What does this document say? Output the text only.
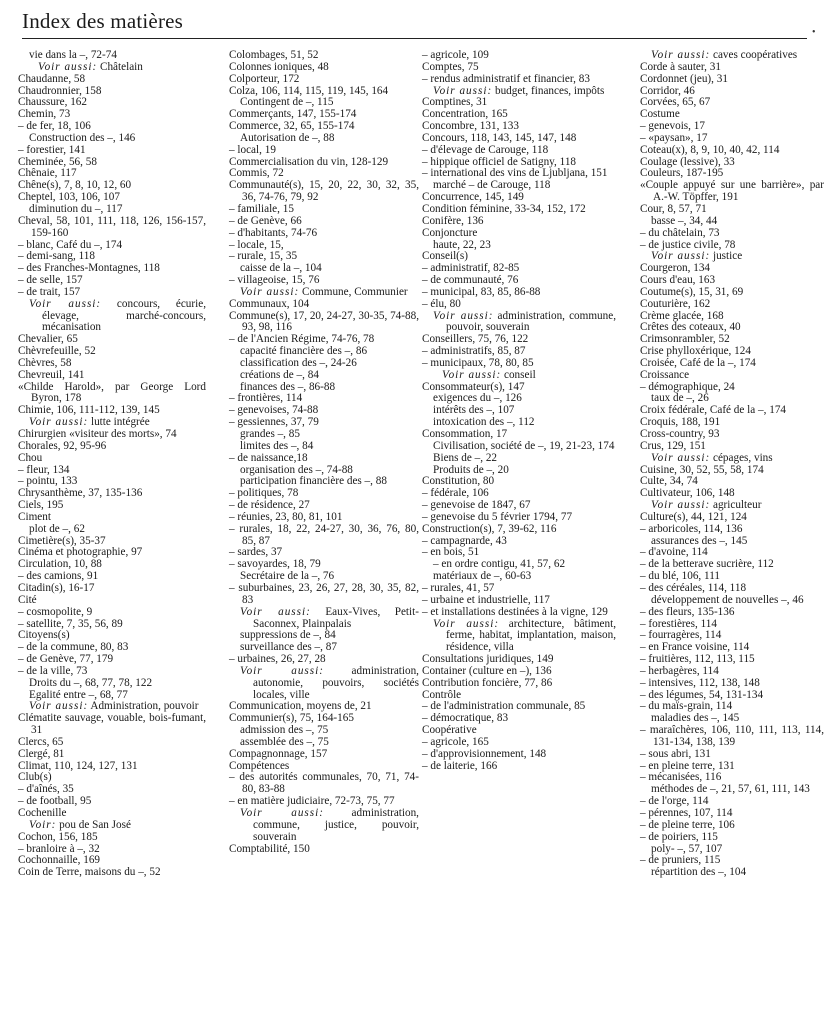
Index des matières	•
vie dans la –, 72-74
Voir aussi: Châtelain
Chaudanne, 58
Chaudronnier, 158
Chaussure, 162
Chemin, 73
– de fer, 18, 106
Construction des –, 146
– forestier, 141
Cheminée, 56, 58
Chênaie, 117
Chêne(s), 7, 8, 10, 12, 60
Cheptel, 103, 106, 107
diminution du –, 117
Cheval, 58, 101, 111, 118, 126, 156-157, 159-160
– blanc, Café du –, 174
– demi-sang, 118
– des Franches-Montagnes, 118
– de selle, 157
– de trait, 157
Voir aussi: concours, écurie, élevage, marché-concours, mécanisation
Chevalier, 65
Chèvrefeuille, 52
Chèvres, 58
Chevreuil, 141
«Childe Harold», par George Lord Byron, 178
Chimie, 106, 111-112, 139, 145
Voir aussi: lutte intégrée
Chirurgien «visiteur des morts», 74
Chorales, 92, 95-96
Chou
– fleur, 134
– pointu, 133
Chrysanthème, 37, 135-136
Ciels, 195
Ciment
plot de –, 62
Cimetière(s), 35-37
Cinéma et photographie, 97
Circulation, 10, 88
– des camions, 91
Citadin(s), 16-17
Cité
– cosmopolite, 9
– satellite, 7, 35, 56, 89
Citoyens(s)
– de la commune, 80, 83
– de Genève, 77, 179
– de la ville, 73
Droits du –, 68, 77, 78, 122
Egalité entre –, 68, 77
Voir aussi: Administration, pouvoir
Clématite sauvage, vouable, bois-fumant, 31
Clercs, 65
Clergé, 81
Climat, 110, 124, 127, 131
Club(s)
– d'aînés, 35
– de football, 95
Cochenille
Voir: pou de San José
Cochon, 156, 185
– branloire à –, 32
Cochonnaille, 169
Coin de Terre, maisons du –, 52
Colombages, 51, 52
Colonnes ioniques, 48
Colporteur, 172
Colza, 106, 114, 115, 119, 145, 164
Contingent de –, 115
Commerçants, 147, 155-174
Commerce, 32, 65, 155-174
Autorisation de –, 88
– local, 19
Commercialisation du vin, 128-129
Commis, 72
Communauté(s), 15, 20, 22, 30, 32, 35, 36, 74-76, 79, 92
– familiale, 15
– de Genève, 66
– d'habitants, 74-76
– locale, 15,
– rurale, 15, 35
caisse de la –, 104
– villageoise, 15, 76
Voir aussi: Commune, Communier
Communaux, 104
Commune(s), 17, 20, 24-27, 30-35, 74-88, 93, 98, 116
– de l'Ancien Régime, 74-76, 78
capacité financière des –, 86
classification des –, 24-26
créations de –, 84
finances des –, 86-88
– frontières, 114
– genevoises, 74-88
– gessiennes, 37, 79
grandes –, 85
limites des –, 84
– de naissance,18
organisation des –, 74-88
participation financière des –, 88
– politiques, 78
– de résidence, 27
– réunies, 23, 80, 81, 101
– rurales, 18, 22, 24-27, 30, 36, 76, 80, 85, 87
– sardes, 37
– savoyardes, 18, 79
Secrétaire de la –, 76
– suburbaines, 23, 26, 27, 28, 30, 35, 82, 83
Voir aussi: Eaux-Vives, Petit-Saconnex, Plainpalais
suppressions de –, 84
surveillance des –, 87
– urbaines, 26, 27, 28
Voir aussi: administration, autonomie, pouvoirs, sociétés locales, ville
Communication, moyens de, 21
Communier(s), 75, 164-165
admission des –, 75
assemblée des –, 75
Compagnonnage, 157
Compétences
– des autorités communales, 70, 71, 74-80, 83-88
– en matière judiciaire, 72-73, 75, 77
Voir aussi: administration, commune, justice, pouvoir, souverain
Comptabilité, 150
– agricole, 109
Comptes, 75
– rendus administratif et financier, 83
Voir aussi: budget, finances, impôts
Comptines, 31
Concentration, 165
Concombre, 131, 133
Concours, 118, 143, 145, 147, 148
– d'élevage de Carouge, 118
– hippique officiel de Satigny, 118
– international des vins de Ljubljana, 151
marché – de Carouge, 118
Concurrence, 145, 149
Condition féminine, 33-34, 152, 172
Conifère, 136
Conjoncture
haute, 22, 23
Conseil(s)
– administratif, 82-85
– de communauté, 76
– municipal, 83, 85, 86-88
– élu, 80
Voir aussi: administration, commune, pouvoir, souverain
Conseillers, 75, 76, 122
– administratifs, 85, 87
– municipaux, 78, 80, 85
Voir aussi: conseil
Consommateur(s), 147
exigences du –, 126
intérêts des –, 107
intoxication des –, 112
Consommation, 17
Civilisation, société de –, 19, 21-23, 174
Biens de –, 22
Produits de –, 20
Constitution, 80
– fédérale, 106
– genevoise de 1847, 67
– genevoise du 5 février 1794, 77
Construction(s), 7, 39-62, 116
– campagnarde, 43
– en bois, 51
– en ordre contigu, 41, 57, 62
matériaux de –, 60-63
– rurales, 41, 57
– urbaine et industrielle, 117
– et installations destinées à la vigne, 129
Voir aussi: architecture, bâtiment, ferme, habitat, implantation, maison, résidence, villa
Consultations juridiques, 149
Container (culture en –), 136
Contribution foncière, 77, 86
Contrôle
– de l'administration communale, 85
– démocratique, 83
Coopérative
– agricole, 165
– d'approvisionnement, 148
– de laiterie, 166
Voir aussi: caves coopératives
Corde à sauter, 31
Cordonnet (jeu), 31
Corridor, 46
Corvées, 65, 67
Costume
– genevois, 17
– «paysan», 17
Coteau(x), 8, 9, 10, 40, 42, 114
Coulage (lessive), 33
Couleurs, 187-195
«Couple appuyé sur une barrière», par A.-W. Töpffer, 191
Cour, 8, 57, 71
basse –, 34, 44
– du châtelain, 73
– de justice civile, 78
Voir aussi: justice
Courgeron, 134
Cours d'eau, 163
Coutume(s), 15, 31, 69
Couturière, 162
Crème glacée, 168
Crêtes des coteaux, 40
Crimsonrambler, 52
Crise phylloxérique, 124
Croisée, Café de la –, 174
Croissance
– démographique, 24
taux de –, 26
Croix fédérale, Café de la –, 174
Croquis, 188, 191
Cross-country, 93
Crus, 129, 151
Voir aussi: cépages, vins
Cuisine, 30, 52, 55, 58, 174
Culte, 34, 74
Cultivateur, 106, 148
Voir aussi: agriculteur
Culture(s), 44, 121, 124
– arboricoles, 114, 136
assurances des –, 145
– d'avoine, 114
– de la betterave sucrière, 112
– du blé, 106, 111
– des céréales, 114, 118
développement de nouvelles –, 46
– des fleurs, 135-136
– forestières, 114
– fourragères, 114
– en France voisine, 114
– fruitières, 112, 113, 115
– herbagères, 114
– intensives, 112, 138, 148
– des légumes, 54, 131-134
– du maïs-grain, 114
maladies des –, 145
– maraîchères, 106, 110, 111, 113, 114, 131-134, 138, 139
– sous abri, 131
– en pleine terre, 131
– mécanisées, 116
méthodes de –, 21, 57, 61, 111, 143
– de l'orge, 114
– pérennes, 107, 114
– de pleine terre, 106
– de poiriers, 115
poly- –, 57, 107
– de pruniers, 115
répartition des –, 104
